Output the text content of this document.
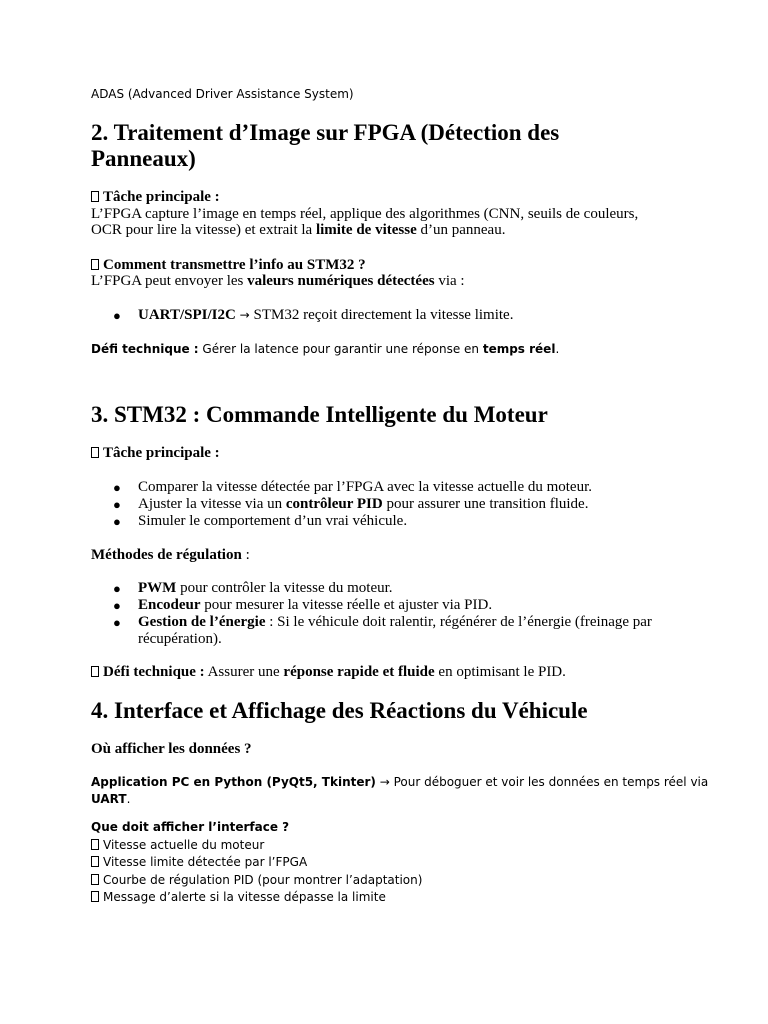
ADAS (Advanced Driver Assistance System)
2. Traitement d’Image sur FPGA (Détection des Panneaux)
Tâche principale :
L’FPGA capture l’image en temps réel, applique des algorithmes (CNN, seuils de couleurs,
OCR pour lire la vitesse) et extrait la limite de vitesse d’un panneau.
Comment transmettre l’info au STM32 ?
L’FPGA peut envoyer les valeurs numériques détectées via :
● UART/SPI/I2C → STM32 reçoit directement la vitesse limite.
Défi technique : Gérer la latence pour garantir une réponse en temps réel.
3. STM32 : Commande Intelligente du Moteur
Tâche principale :
● Comparer la vitesse détectée par l’FPGA avec la vitesse actuelle du moteur.
● Ajuster la vitesse via un contrôleur PID pour assurer une transition fluide.
● Simuler le comportement d’un vrai véhicule.
Méthodes de régulation :
● PWM pour contrôler la vitesse du moteur.
● Encodeur pour mesurer la vitesse réelle et ajuster via PID.
● Gestion de l’énergie : Si le véhicule doit ralentir, régénérer de l’énergie (freinage par
récupération).
Défi technique : Assurer une réponse rapide et fluide en optimisant le PID.
4. Interface et Affichage des Réactions du Véhicule
Où afficher les données ?
Application PC en Python (PyQt5, Tkinter) → Pour déboguer et voir les données en temps réel via
UART.
Que doit afficher l’interface ?
Vitesse actuelle du moteur
Vitesse limite détectée par l’FPGA
Courbe de régulation PID (pour montrer l’adaptation)
Message d’alerte si la vitesse dépasse la limite
